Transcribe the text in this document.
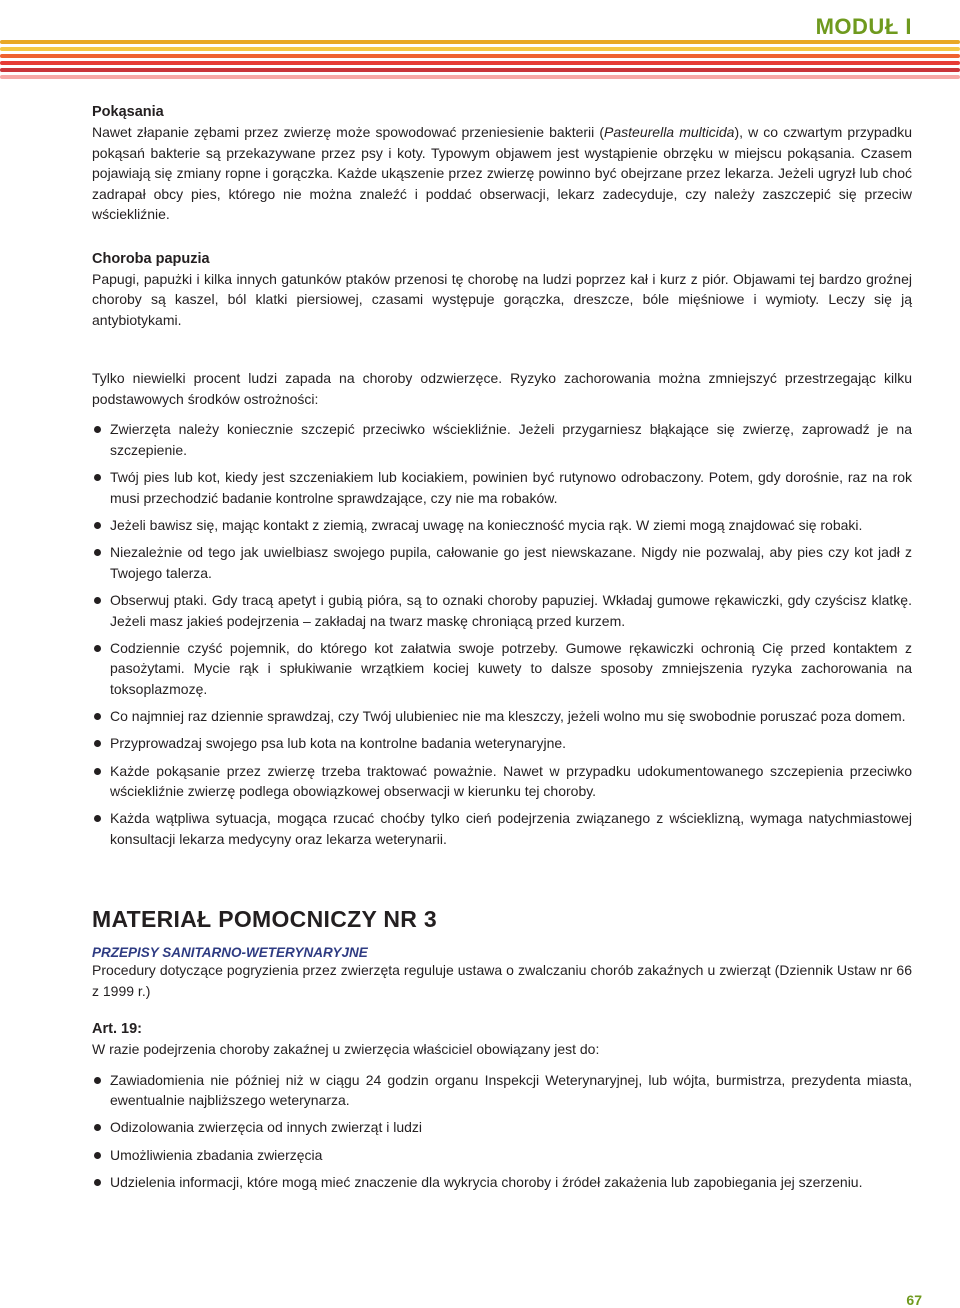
MODUŁ I

Pokąsania

Nawet złapanie zębami przez zwierzę może spowodować przeniesienie bakterii (Pasteurella multicida), w co czwartym przypadku pokąsań bakterie są przekazywane przez psy i koty. Typowym objawem jest wystąpienie obrzęku w miejscu pokąsania. Czasem pojawiają się zmiany ropne i gorączka. Każde ukąszenie przez zwierzę powinno być obejrzane przez lekarza. Jeżeli ugryzł lub choć zadrapał obcy pies, którego nie można znaleźć i poddać obserwacji, lekarz zadecyduje, czy należy zaszczepić się przeciw wściekliźnie.

Choroba papuzia

Papugi, papużki i kilka innych gatunków ptaków przenosi tę chorobę na ludzi poprzez kał i kurz z piór. Objawami tej bardzo groźnej choroby są kaszel, ból klatki piersiowej, czasami występuje gorączka, dreszcze, bóle mięśniowe i wymioty. Leczy się ją antybiotykami.

Tylko niewielki procent ludzi zapada na choroby odzwierzęce. Ryzyko zachorowania można zmniejszyć przestrzegając kilku podstawowych środków ostrożności:

Zwierzęta należy koniecznie szczepić przeciwko wściekliźnie. Jeżeli przygarniesz błąkające się zwierzę, zaprowadź je na szczepienie.
Twój pies lub kot, kiedy jest szczeniakiem lub kociakiem, powinien być rutynowo odrobaczony. Potem, gdy dorośnie, raz na rok musi przechodzić badanie kontrolne sprawdzające, czy nie ma robaków.
Jeżeli bawisz się, mając kontakt z ziemią, zwracaj uwagę na konieczność mycia rąk. W ziemi mogą znajdować się robaki.
Niezależnie od tego jak uwielbiasz swojego pupila, całowanie go jest niewskazane. Nigdy nie pozwalaj, aby pies czy kot jadł z Twojego talerza.
Obserwuj ptaki. Gdy tracą apetyt i gubią pióra, są to oznaki choroby papuziej. Wkładaj gumowe rękawiczki, gdy czyścisz klatkę. Jeżeli masz jakieś podejrzenia – zakładaj na twarz maskę chroniącą przed kurzem.
Codziennie czyść pojemnik, do którego kot załatwia swoje potrzeby. Gumowe rękawiczki ochronią Cię przed kontaktem z pasożytami. Mycie rąk i spłukiwanie wrzątkiem kociej kuwety to dalsze sposoby zmniejszenia ryzyka zachorowania na toksoplazmozę.
Co najmniej raz dziennie sprawdzaj, czy Twój ulubieniec nie ma kleszczy, jeżeli wolno mu się swobodnie poruszać poza domem.
Przyprowadzaj swojego psa lub kota na kontrolne badania weterynaryjne.
Każde pokąsanie przez zwierzę trzeba traktować poważnie. Nawet w przypadku udokumentowanego szczepienia przeciwko wściekliźnie zwierzę podlega obowiązkowej obserwacji w kierunku tej choroby.
Każda wątpliwa sytuacja, mogąca rzucać choćby tylko cień podejrzenia związanego z wścieklizną, wymaga natychmiastowej konsultacji lekarza medycyny oraz lekarza weterynarii.
MATERIAŁ POMOCNICZY NR 3
PRZEPISY SANITARNO-WETERYNARYJNE

Procedury dotyczące pogryzienia przez zwierzęta reguluje ustawa o zwalczaniu chorób zakaźnych u zwierząt (Dziennik Ustaw nr 66 z 1999 r.)

Art. 19:

W razie podejrzenia choroby zakaźnej u zwierzęcia właściciel obowiązany jest do:

Zawiadomienia nie później niż w ciągu 24 godzin organu Inspekcji Weterynaryjnej, lub wójta, burmistrza, prezydenta miasta, ewentualnie najbliższego weterynarza.
Odizolowania zwierzęcia od innych zwierząt i ludzi
Umożliwienia zbadania zwierzęcia
Udzielenia informacji, które mogą mieć znaczenie dla wykrycia choroby i źródeł zakażenia lub zapobiegania jej szerzeniu.
67
